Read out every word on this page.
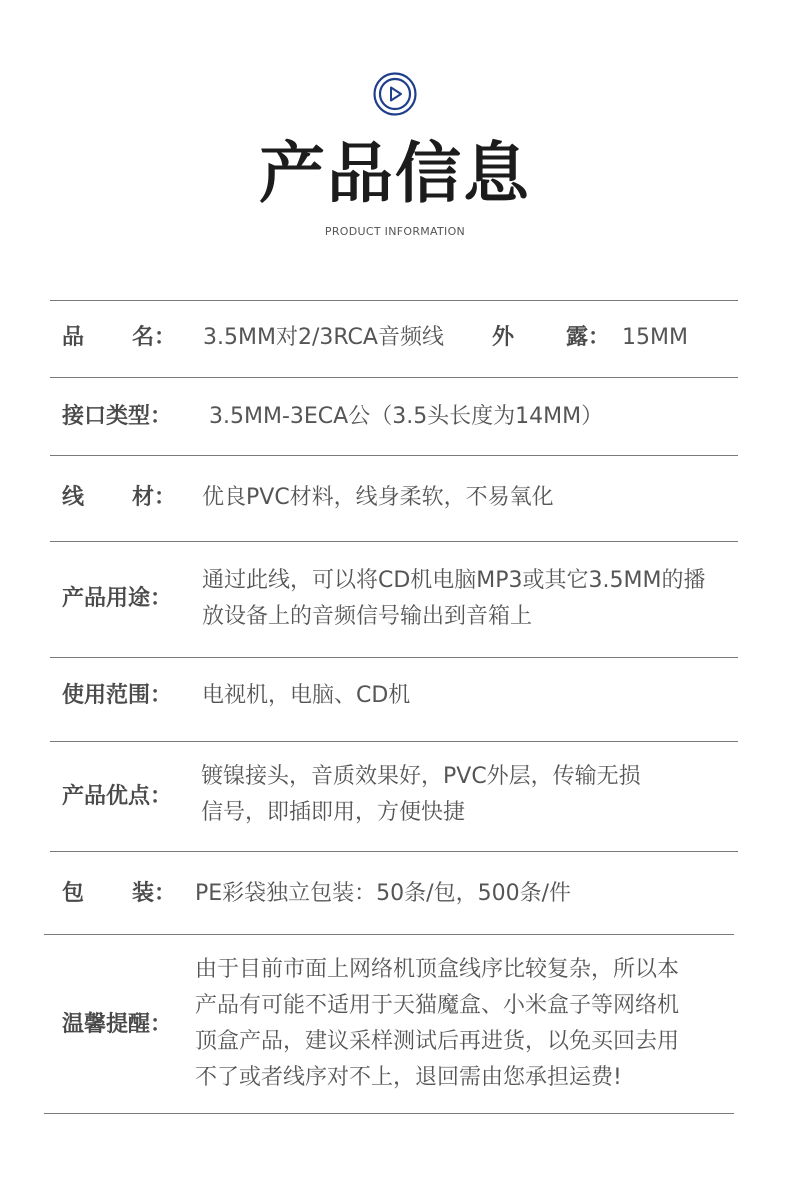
产品信息
PRODUCT INFORMATION
品 名： 3.5MM对2/3RCA音频线 外 露： 15MM
接口类型： 3.5MM-3ECA公（3.5头长度为14MM）
线 材： 优良PVC材料，线身柔软，不易氧化
产品用途：
通过此线，可以将CD机电脑MP3或其它3.5MM的播
放设备上的音频信号输出到音箱上
使用范围： 电视机，电脑、CD机
产品优点：
镀镍接头，音质效果好，PVC外层，传输无损
信号，即插即用，方便快捷
包 装： PE彩袋独立包装：50条/包，500条/件
温馨提醒：
由于目前市面上网络机顶盒线序比较复杂，所以本
产品有可能不适用于天猫魔盒、小米盒子等网络机
顶盒产品，建议采样测试后再进货，以免买回去用
不了或者线序对不上，退回需由您承担运费!
